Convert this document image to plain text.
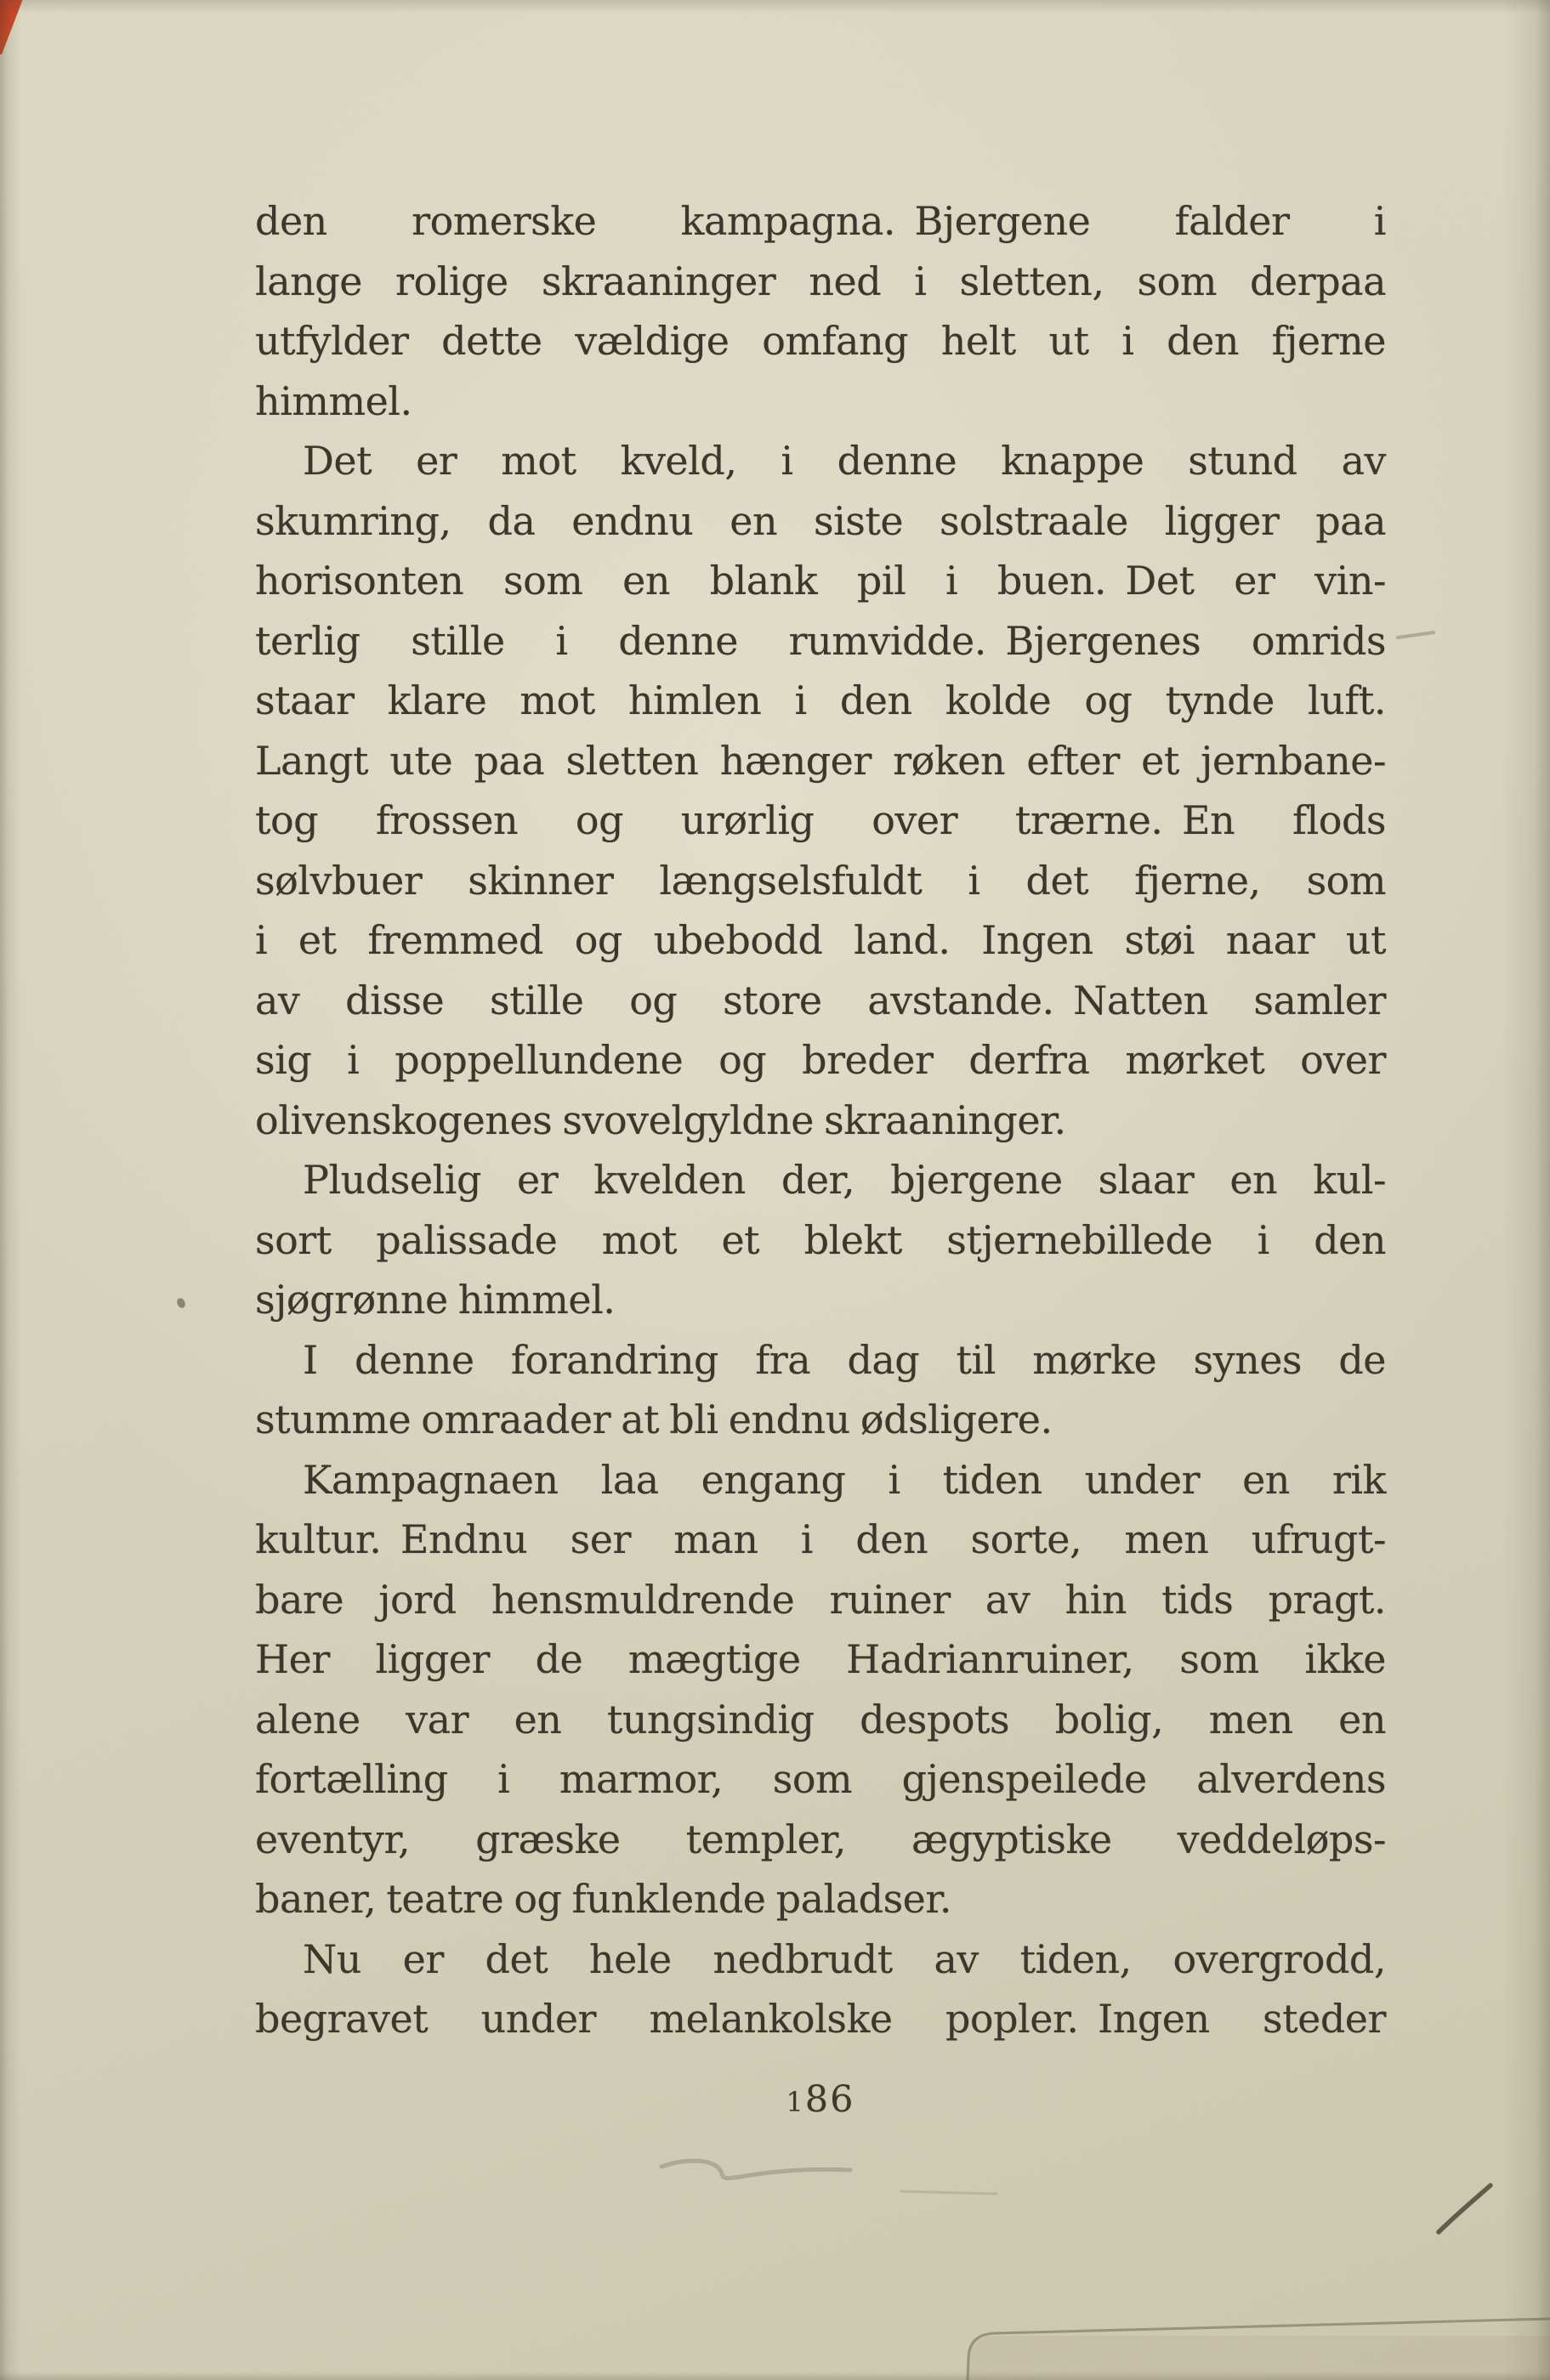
den romerske kampagna. Bjergene falder i
lange rolige skraaninger ned i sletten, som derpaa
utfylder dette vældige omfang helt ut i den fjerne
himmel.
Det er mot kveld, i denne knappe stund av
skumring, da endnu en siste solstraale ligger paa
horisonten som en blank pil i buen. Det er vin-
terlig stille i denne rumvidde. Bjergenes omrids
staar klare mot himlen i den kolde og tynde luft.
Langt ute paa sletten hænger røken efter et jernbane-
tog frossen og urørlig over trærne. En flods
sølvbuer skinner længselsfuldt i det fjerne, som
i et fremmed og ubebodd land. Ingen støi naar ut
av disse stille og store avstande. Natten samler
sig i poppellundene og breder derfra mørket over
olivenskogenes svovelgyldne skraaninger.
Pludselig er kvelden der, bjergene slaar en kul-
sort palissade mot et blekt stjernebillede i den
sjøgrønne himmel.
I denne forandring fra dag til mørke synes de
stumme omraader at bli endnu ødsligere.
Kampagnaen laa engang i tiden under en rik
kultur. Endnu ser man i den sorte, men ufrugt-
bare jord hensmuldrende ruiner av hin tids pragt.
Her ligger de mægtige Hadrianruiner, som ikke
alene var en tungsindig despots bolig, men en
fortælling i marmor, som gjenspeilede alverdens
eventyr, græske templer, ægyptiske veddeløps-
baner, teatre og funklende paladser.
Nu er det hele nedbrudt av tiden, overgrodd,
begravet under melankolske popler. Ingen steder
186
